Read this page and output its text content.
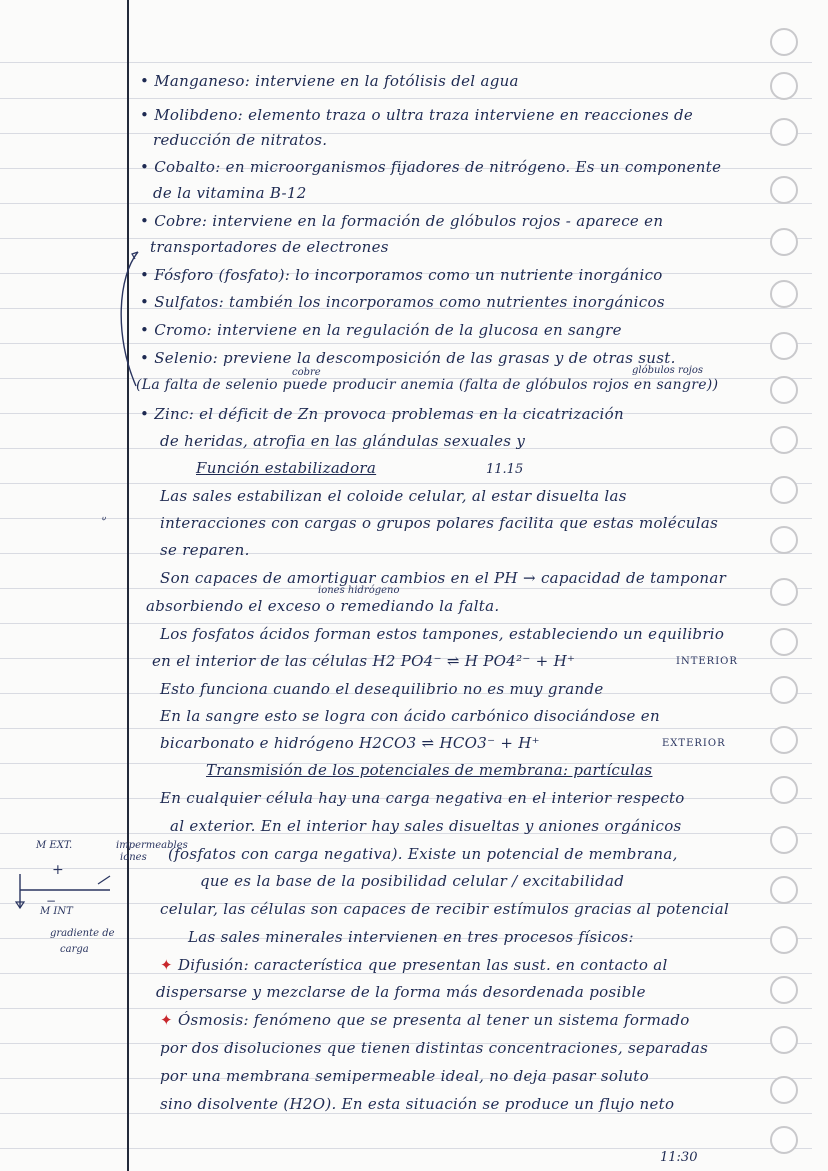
• Manganeso: interviene en la fotólisis del agua
• Molibdeno: elemento traza o ultra traza interviene en reacciones de
reducción de nitratos.
• Cobalto: en microorganismos fijadores de nitrógeno. Es un componente
de la vitamina B-12
• Cobre: interviene en la formación de glóbulos rojos - aparece en
transportadores de electrones
• Fósforo (fosfato): lo incorporamos como un nutriente inorgánico
• Sulfatos: también los incorporamos como nutrientes inorgánicos
• Cromo: interviene en la regulación de la glucosa en sangre
• Selenio: previene la descomposición de las grasas y de otras sust.
(La falta de selenio puede producir anemia (falta de glóbulos rojos en sangre))
• Zinc: el déficit de Zn provoca problemas en la cicatrización
de heridas, atrofia en las glándulas sexuales y
Función estabilizadora
Las sales estabilizan el coloide celular, al estar disuelta las
interacciones con cargas o grupos polares facilita que estas moléculas
se reparen.
Son capaces de amortiguar cambios en el PH → capacidad de tamponar
absorbiendo el exceso o remediando la falta.
Los fosfatos ácidos forman estos tampones, estableciendo un equilibrio
en el interior de las células H2 PO4⁻ ⇌ H PO4²⁻ + H⁺
Esto funciona cuando el desequilibrio no es muy grande
En la sangre esto se logra con ácido carbónico disociándose en
bicarbonato e hidrógeno H2CO3 ⇌ HCO3⁻ + H⁺
Transmisión de los potenciales de membrana: partículas
En cualquier célula hay una carga negativa en el interior respecto
al exterior. En el interior hay sales disueltas y aniones orgánicos
(fosfatos con carga negativa). Existe un potencial de membrana,
que es la base de la posibilidad celular / excitabilidad
celular, las células son capaces de recibir estímulos gracias al potencial
Las sales minerales intervienen en tres procesos físicos:
✦ Difusión: característica que presentan las sust. en contacto al
dispersarse y mezclarse de la forma más desordenada posible
✦ Ósmosis: fenómeno que se presenta al tener un sistema formado
por dos disoluciones que tienen distintas concentraciones, separadas
por una membrana semipermeable ideal, no deja pasar soluto
sino disolvente (H2O). En esta situación se produce un flujo neto
cobre	glóbulos rojos
11.15
iones hidrógeno
INTERIOR
EXTERIOR
impermeables
iones
M EXT.
+
−
M INT
gradiente de
carga
ᐡ
11:30
